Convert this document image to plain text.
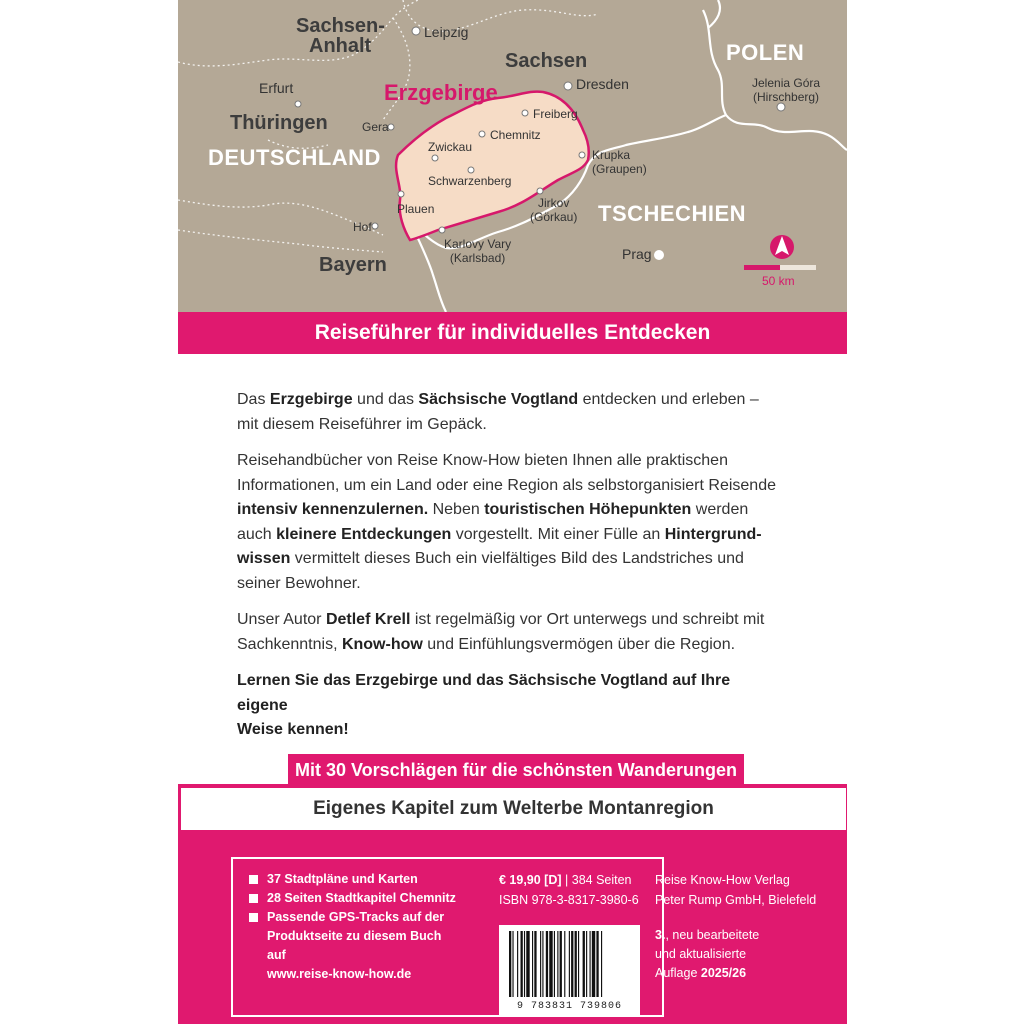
Sachsen-
Anhalt
Leipzig
Sachsen
Dresden
POLEN
Jelenia Góra
(Hirschberg)
Erfurt	Erzgebirge
Thüringen	Gera
Freiberg
Chemnitz
Zwickau
DEUTSCHLAND	Krupka
(Graupen)
Schwarzenberg
Jirkov
(Görkau)
Plauen	TSCHECHIEN
Hof
Karlovy Vary
(Karlsbad)	Prag
Bayern
50 km
Reiseführer für individuelles Entdecken

Das Erzgebirge und das Sächsische Vogtland entdecken und erleben –
mit diesem Reiseführer im Gepäck.

Reisehandbücher von Reise Know-How bieten Ihnen alle praktischen
Informationen, um ein Land oder eine Region als selbstorganisiert Reisende
intensiv kennenzulernen. Neben touristischen Höhepunkten werden
auch kleinere Entdeckungen vorgestellt. Mit einer Fülle an Hintergrund-
wissen vermittelt dieses Buch ein vielfältiges Bild des Landstriches und
seiner Bewohner.

Unser Autor Detlef Krell ist regelmäßig vor Ort unterwegs und schreibt mit
Sachkenntnis, Know-how und Einfühlungsvermögen über die Region.

Lernen Sie das Erzgebirge und das Sächsische Vogtland auf Ihre eigene
Weise kennen!

Mit 30 Vorschlägen für die schönsten Wanderungen
Eigenes Kapitel zum Welterbe Montanregion
37 Stadtpläne und Karten
28 Seiten Stadtkapitel Chemnitz
Passende GPS-Tracks auf der
Produktseite zu diesem Buch auf
www.reise-know-how.de
€ 19,90 [D] | 384 Seiten
ISBN 978-3-8317-3980-6
Reise Know-How Verlag
Peter Rump GmbH, Bielefeld
3., neu bearbeitete
und aktualisierte
Auflage 2025/26
9 783831 739806
